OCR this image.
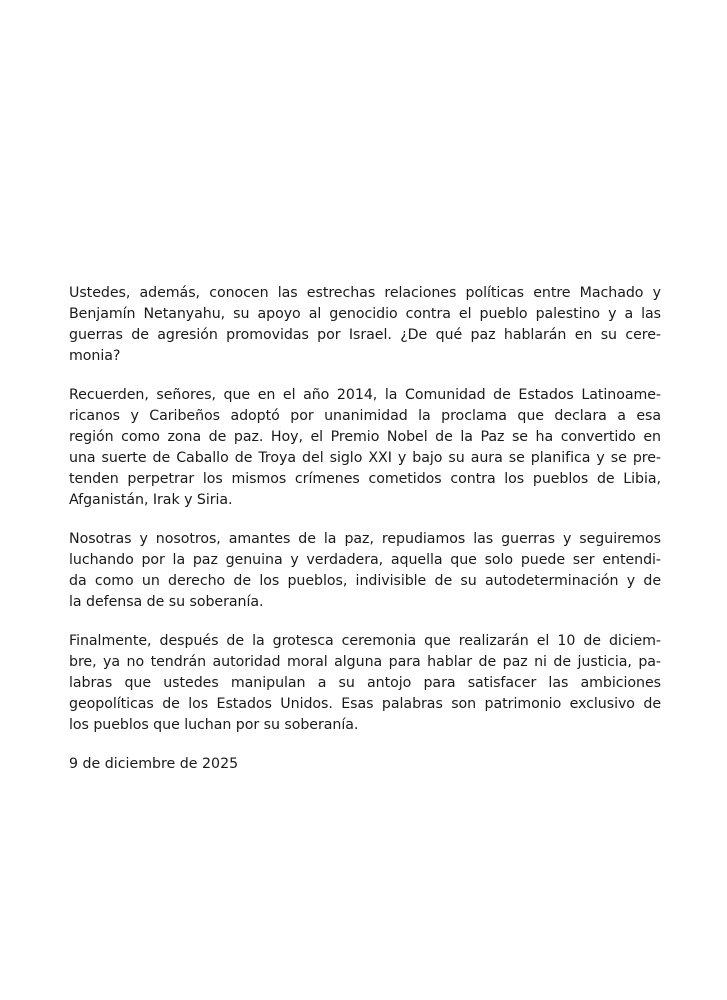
Ustedes, además, conocen las estrechas relaciones políticas entre Machado y
Benjamín Netanyahu, su apoyo al genocidio contra el pueblo palestino y a las
guerras de agresión promovidas por Israel. ¿De qué paz hablarán en su cere-
monia?
Recuerden, señores, que en el año 2014, la Comunidad de Estados Latinoame-
ricanos y Caribeños adoptó por unanimidad la proclama que declara a esa
región como zona de paz. Hoy, el Premio Nobel de la Paz se ha convertido en
una suerte de Caballo de Troya del siglo XXI y bajo su aura se planifica y se pre-
tenden perpetrar los mismos crímenes cometidos contra los pueblos de Libia,
Afganistán, Irak y Siria.
Nosotras y nosotros, amantes de la paz, repudiamos las guerras y seguiremos
luchando por la paz genuina y verdadera, aquella que solo puede ser entendi-
da como un derecho de los pueblos, indivisible de su autodeterminación y de
la defensa de su soberanía.
Finalmente, después de la grotesca ceremonia que realizarán el 10 de diciem-
bre, ya no tendrán autoridad moral alguna para hablar de paz ni de justicia, pa-
labras que ustedes manipulan a su antojo para satisfacer las ambiciones
geopolíticas de los Estados Unidos. Esas palabras son patrimonio exclusivo de
los pueblos que luchan por su soberanía.
9 de diciembre de 2025
